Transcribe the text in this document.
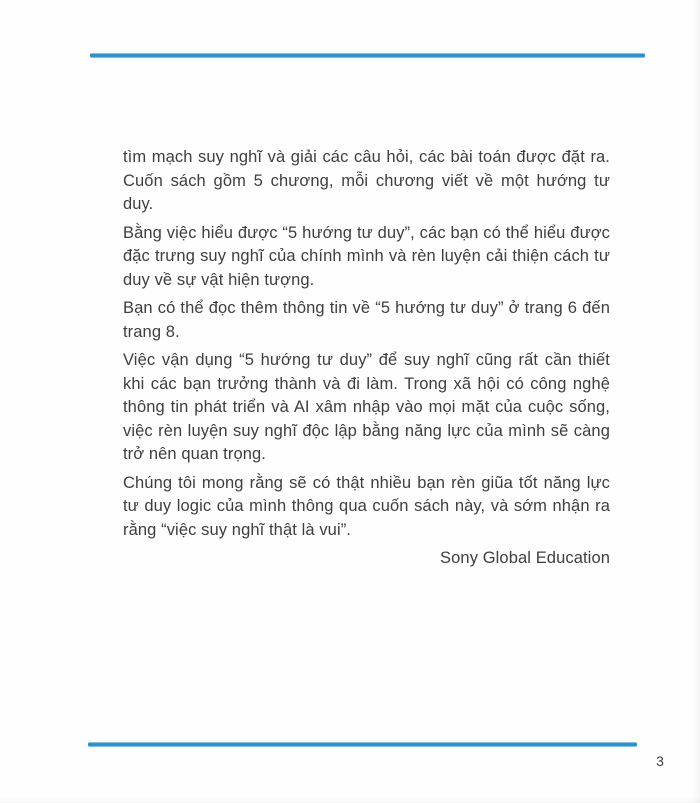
tìm mạch suy nghĩ và giải các câu hỏi, các bài toán được đặt ra. Cuốn sách gồm 5 chương, mỗi chương viết về một hướng tư duy.

Bằng việc hiểu được “5 hướng tư duy”, các bạn có thể hiểu được đặc trưng suy nghĩ của chính mình và rèn luyện cải thiện cách tư duy về sự vật hiện tượng.

Bạn có thể đọc thêm thông tin về “5 hướng tư duy” ở trang 6 đến trang 8.

Việc vận dụng “5 hướng tư duy” để suy nghĩ cũng rất cần thiết khi các bạn trưởng thành và đi làm. Trong xã hội có công nghệ thông tin phát triển và AI xâm nhập vào mọi mặt của cuộc sống, việc rèn luyện suy nghĩ độc lập bằng năng lực của mình sẽ càng trở nên quan trọng.

Chúng tôi mong rằng sẽ có thật nhiều bạn rèn giũa tốt năng lực tư duy logic của mình thông qua cuốn sách này, và sớm nhận ra rằng “việc suy nghĩ thật là vui”.

Sony Global Education
3
